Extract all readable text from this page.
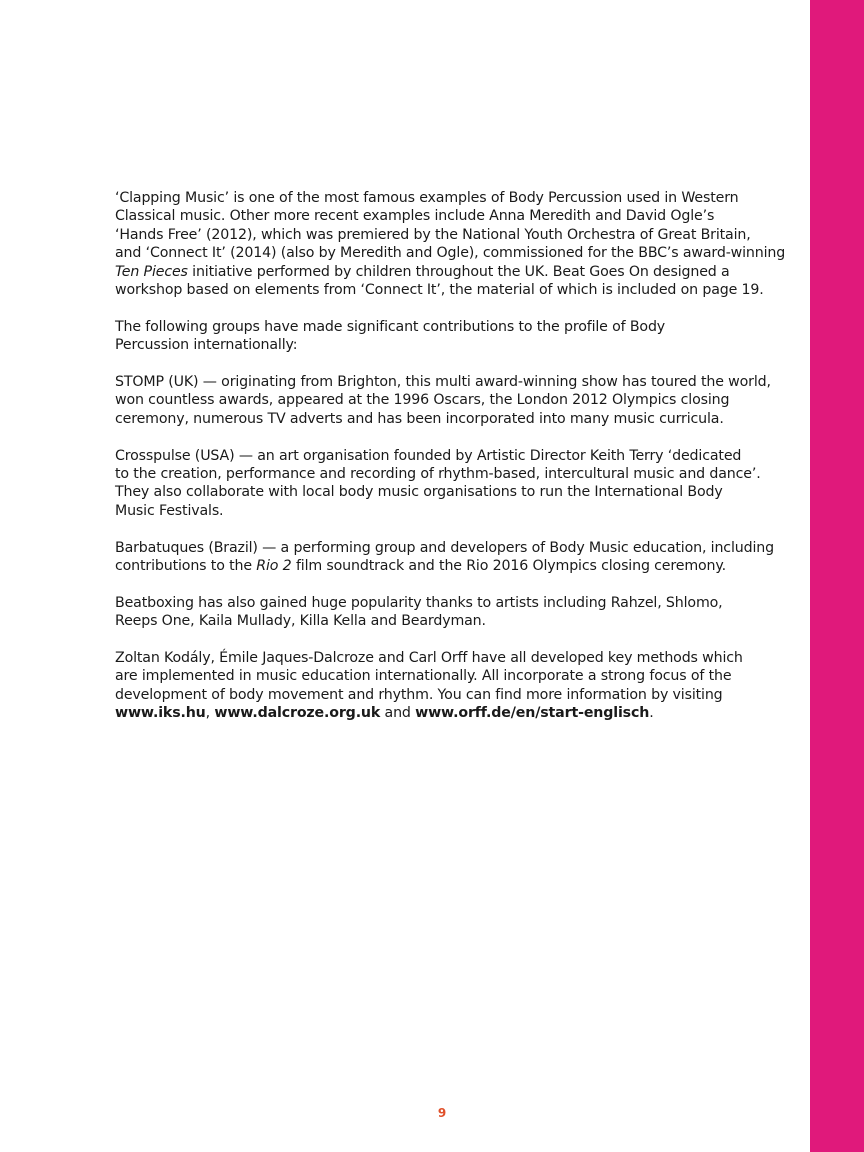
‘Clapping Music’ is one of the most famous examples of Body Percussion used in Western
Classical music. Other more recent examples include Anna Meredith and David Ogle’s
‘Hands Free’ (2012), which was premiered by the National Youth Orchestra of Great Britain,
and ‘Connect It’ (2014) (also by Meredith and Ogle), commissioned for the BBC’s award-winning
Ten Pieces initiative performed by children throughout the UK. Beat Goes On designed a
workshop based on elements from ‘Connect It’, the material of which is included on page 19.

The following groups have made significant contributions to the profile of Body
Percussion internationally:

STOMP (UK) — originating from Brighton, this multi award-winning show has toured the world,
won countless awards, appeared at the 1996 Oscars, the London 2012 Olympics closing
ceremony, numerous TV adverts and has been incorporated into many music curricula.

Crosspulse (USA) — an art organisation founded by Artistic Director Keith Terry ‘dedicated
to the creation, performance and recording of rhythm-based, intercultural music and dance’.
They also collaborate with local body music organisations to run the International Body
Music Festivals.

Barbatuques (Brazil) — a performing group and developers of Body Music education, including
contributions to the Rio 2 film soundtrack and the Rio 2016 Olympics closing ceremony.

Beatboxing has also gained huge popularity thanks to artists including Rahzel, Shlomo,
Reeps One, Kaila Mullady, Killa Kella and Beardyman.

Zoltan Kodály, Émile Jaques-Dalcroze and Carl Orff have all developed key methods which
are implemented in music education internationally. All incorporate a strong focus of the
development of body movement and rhythm. You can find more information by visiting
www.iks.hu, www.dalcroze.org.uk and www.orff.de/en/start-englisch.

9
